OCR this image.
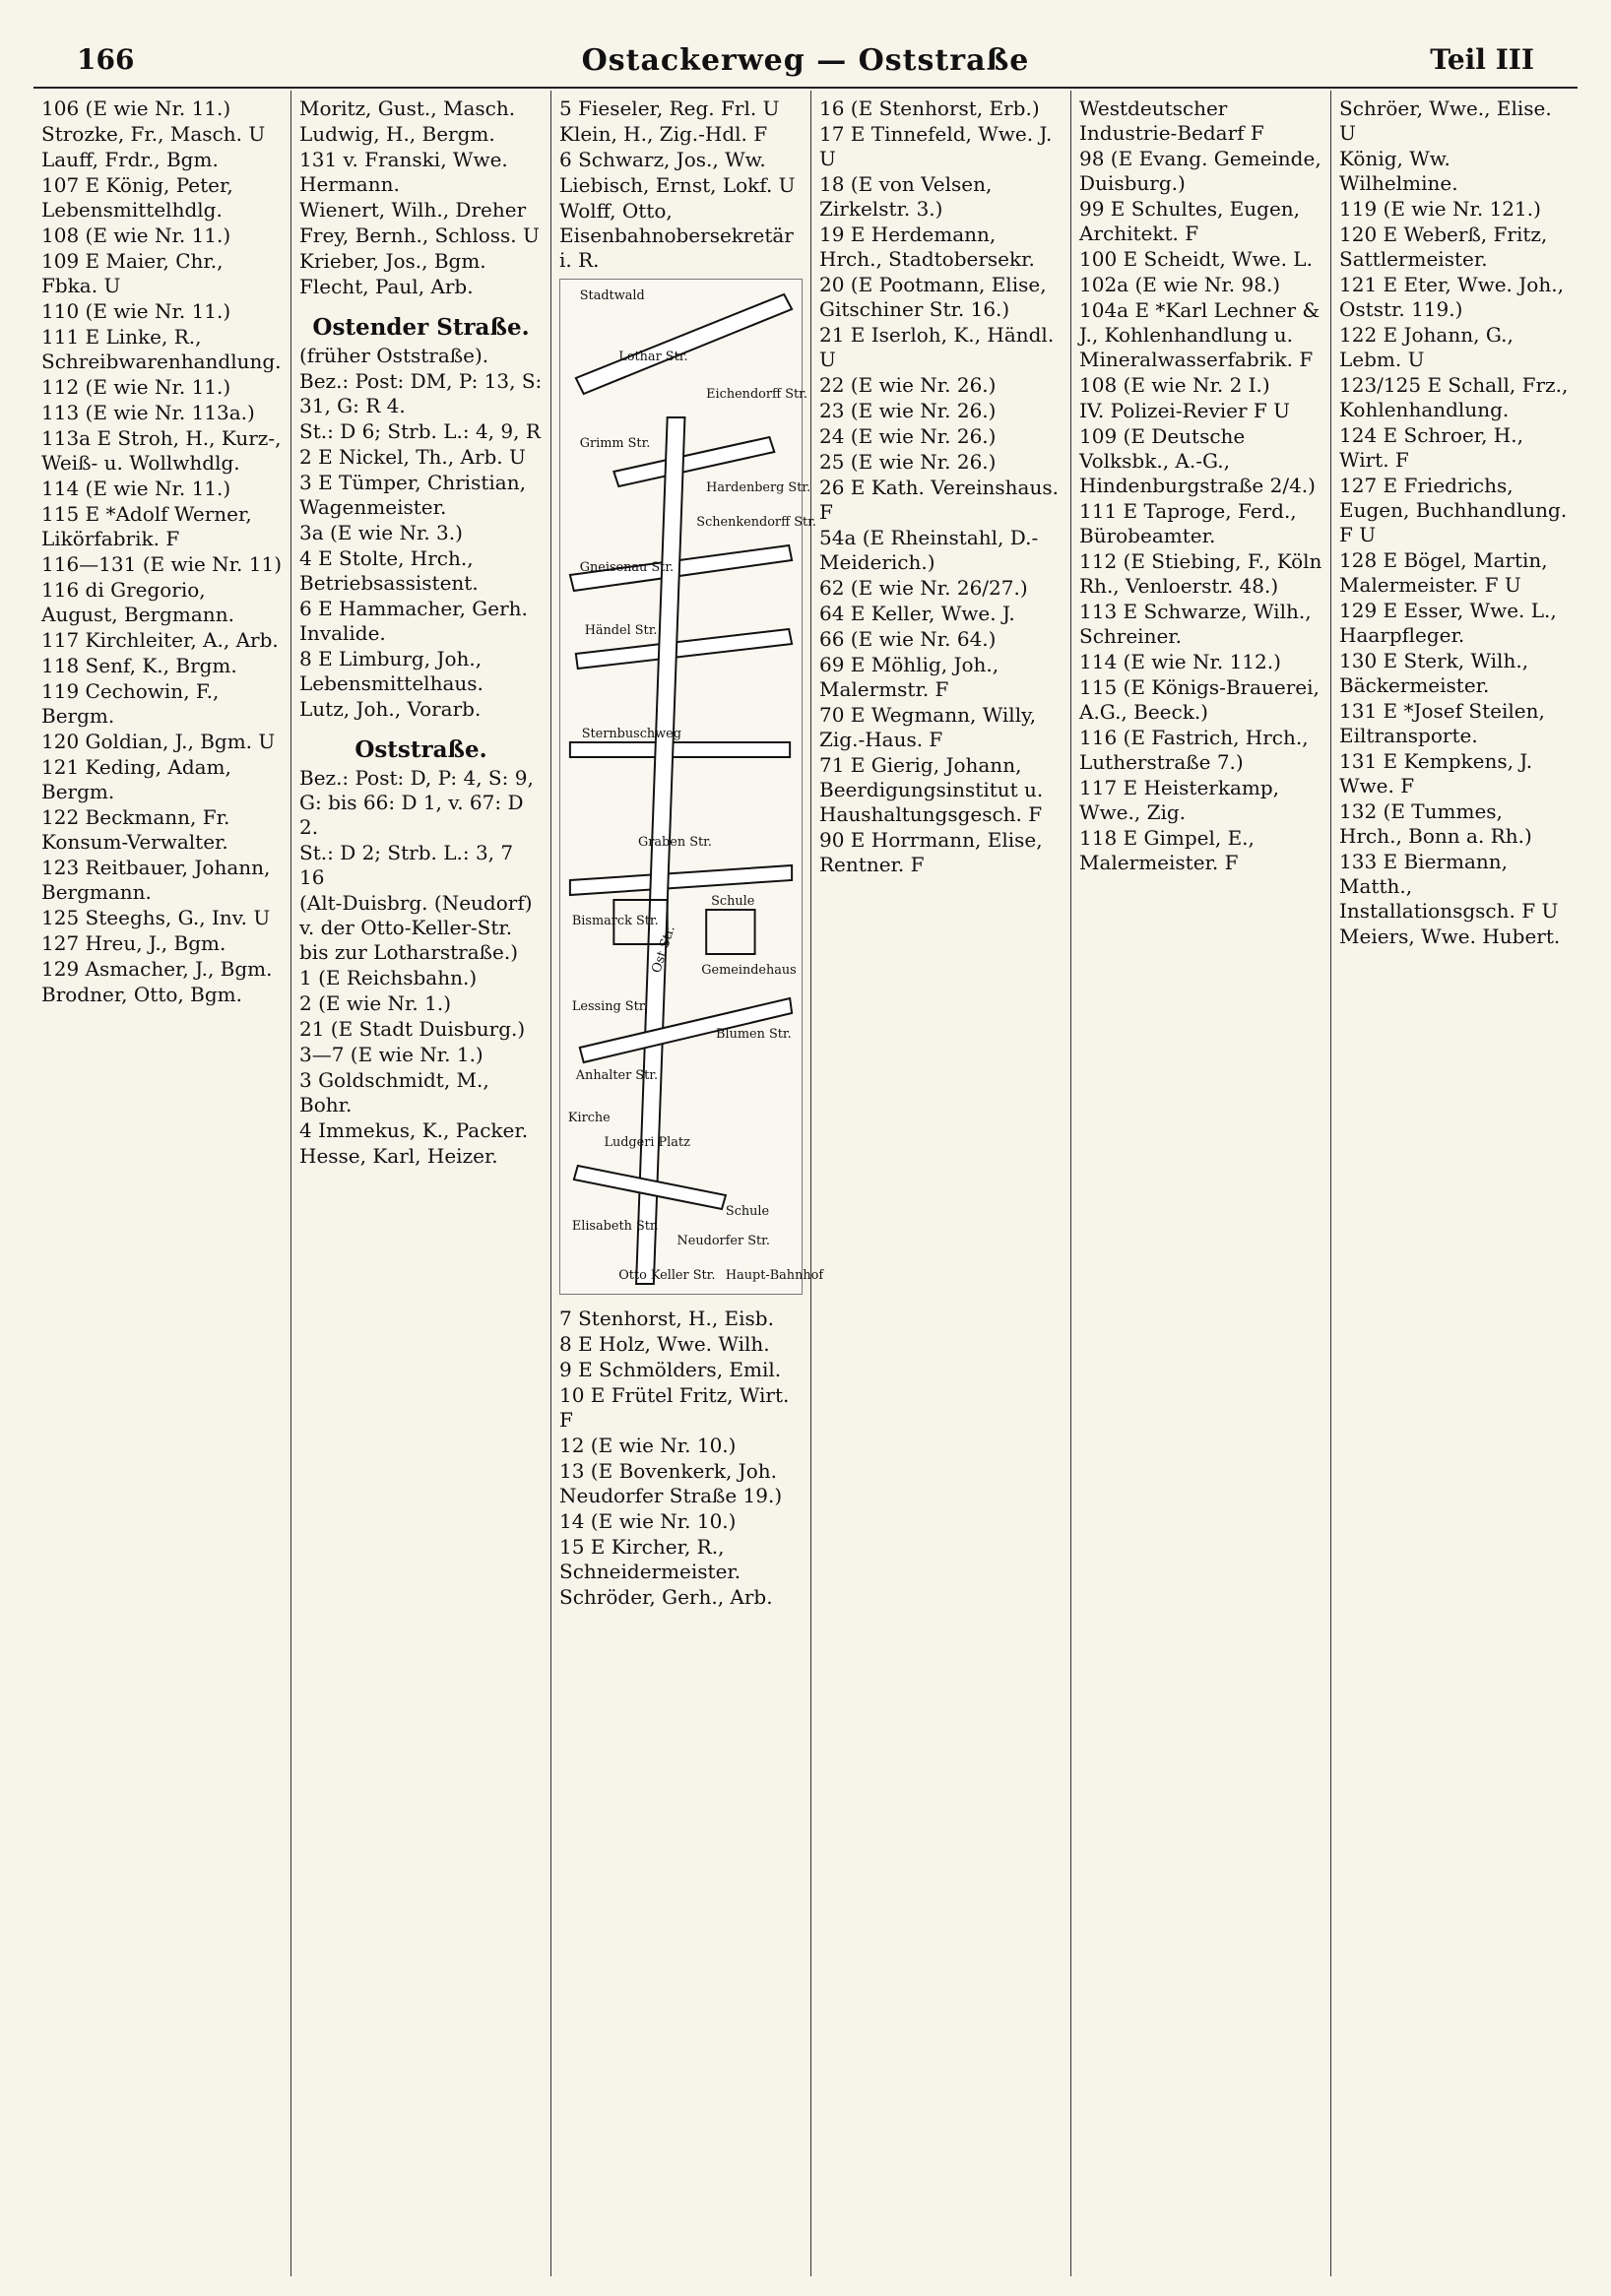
166	Ostackerweg — Oststraße	Teil III
106 (E wie Nr. 11.)
Strozke, Fr., Masch. U
Lauff, Frdr., Bgm.
107 E König, Peter, Lebensmittelhdlg.
108 (E wie Nr. 11.)
109 E Maier, Chr., Fbka. U
110 (E wie Nr. 11.)
111 E Linke, R., Schreibwarenhandlung.
112 (E wie Nr. 11.)
113 (E wie Nr. 113a.)
113a E Stroh, H., Kurz-, Weiß- u. Wollwhdlg.
114 (E wie Nr. 11.)
115 E *Adolf Werner, Likörfabrik. F
116—131 (E wie Nr. 11)
116 di Gregorio, August, Bergmann.
117 Kirchleiter, A., Arb.
118 Senf, K., Brgm.
119 Cechowin, F., Bergm.
120 Goldian, J., Bgm. U
121 Keding, Adam, Bergm.
122 Beckmann, Fr. Konsum-Verwalter.
123 Reitbauer, Johann, Bergmann.
125 Steeghs, G., Inv. U
127 Hreu, J., Bgm.
129 Asmacher, J., Bgm.
Brodner, Otto, Bgm.
Moritz, Gust., Masch.
Ludwig, H., Bergm.
131 v. Franski, Wwe. Hermann.
Wienert, Wilh., Dreher
Frey, Bernh., Schloss. U
Krieber, Jos., Bgm.
Flecht, Paul, Arb.
Ostender Straße.
(früher Oststraße).
Bez.: Post: DM, P: 13, S: 31, G: R 4.
St.: D 6; Strb. L.: 4, 9, R
2 E Nickel, Th., Arb. U
3 E Tümper, Christian, Wagenmeister.
3a (E wie Nr. 3.)
4 E Stolte, Hrch., Betriebsassistent.
6 E Hammacher, Gerh. Invalide.
8 E Limburg, Joh., Lebensmittelhaus.
Lutz, Joh., Vorarb.
Oststraße.
Bez.: Post: D, P: 4, S: 9, G: bis 66: D 1, v. 67: D 2.
St.: D 2; Strb. L.: 3, 7 16
(Alt-Duisbrg. (Neudorf) v. der Otto-Keller-Str. bis zur Lotharstraße.)
1 (E Reichsbahn.)
2 (E wie Nr. 1.)
21 (E Stadt Duisburg.)
3—7 (E wie Nr. 1.)
3 Goldschmidt, M., Bohr.
4 Immekus, K., Packer.
Hesse, Karl, Heizer.
5 Fieseler, Reg. Frl. U
Klein, H., Zig.-Hdl. F
6 Schwarz, Jos., Ww.
Liebisch, Ernst, Lokf. U
Wolff, Otto, Eisenbahnobersekretär i. R.
Stadtwald
Lothar Str.
Eichendorff Str.
Grimm Str.
Hardenberg Str.
Schenkendorff Str.
Gneisenau Str.
Händel Str.
Sternbuschweg
Graben Str.
Ost Str.
Bismarck Str.
Schule
Gemeindehaus
Lessing Str.
Anhalter Str.
Blumen Str.
Kirche
Ludgeri Platz
Elisabeth Str.
Neudorfer Str.
Schule
Otto Keller Str. Haupt-Bahnhof
7 Stenhorst, H., Eisb.
8 E Holz, Wwe. Wilh.
9 E Schmölders, Emil.
10 E Frütel Fritz, Wirt. F
12 (E wie Nr. 10.)
13 (E Bovenkerk, Joh. Neudorfer Straße 19.)
14 (E wie Nr. 10.)
15 E Kircher, R., Schneidermeister.
Schröder, Gerh., Arb.
16 (E Stenhorst, Erb.)
17 E Tinnefeld, Wwe. J. U
18 (E von Velsen, Zirkelstr. 3.)
19 E Herdemann, Hrch., Stadtobersekr.
20 (E Pootmann, Elise, Gitschiner Str. 16.)
21 E Iserloh, K., Händl. U
22 (E wie Nr. 26.)
23 (E wie Nr. 26.)
24 (E wie Nr. 26.)
25 (E wie Nr. 26.)
26 E Kath. Vereinshaus. F
54a (E Rheinstahl, D.-Meiderich.)
62 (E wie Nr. 26/27.)
64 E Keller, Wwe. J.
66 (E wie Nr. 64.)
69 E Möhlig, Joh., Malermstr. F
70 E Wegmann, Willy, Zig.-Haus. F
71 E Gierig, Johann, Beerdigungsinstitut u. Haushaltungsgesch. F
90 E Horrmann, Elise, Rentner. F
Westdeutscher Industrie-Bedarf F
98 (E Evang. Gemeinde, Duisburg.)
99 E Schultes, Eugen, Architekt. F
100 E Scheidt, Wwe. L.
102a (E wie Nr. 98.)
104a E *Karl Lechner & J., Kohlenhandlung u. Mineralwasserfabrik. F
108 (E wie Nr. 2 I.)
IV. Polizei-Revier F U
109 (E Deutsche Volksbk., A.-G., Hindenburgstraße 2/4.)
111 E Taproge, Ferd., Bürobeamter.
112 (E Stiebing, F., Köln Rh., Venloerstr. 48.)
113 E Schwarze, Wilh., Schreiner.
114 (E wie Nr. 112.)
115 (E Königs-Brauerei, A.G., Beeck.)
116 (E Fastrich, Hrch., Lutherstraße 7.)
117 E Heisterkamp, Wwe., Zig.
118 E Gimpel, E., Malermeister. F
Schröer, Wwe., Elise. U
König, Ww. Wilhelmine.
119 (E wie Nr. 121.)
120 E Weberß, Fritz, Sattlermeister.
121 E Eter, Wwe. Joh., Oststr. 119.)
122 E Johann, G., Lebm. U
123/125 E Schall, Frz., Kohlenhandlung.
124 E Schroer, H., Wirt. F
127 E Friedrichs, Eugen, Buchhandlung. F U
128 E Bögel, Martin, Malermeister. F U
129 E Esser, Wwe. L., Haarpfleger.
130 E Sterk, Wilh., Bäckermeister.
131 E *Josef Steilen, Eiltransporte.
131 E Kempkens, J. Wwe. F
132 (E Tummes, Hrch., Bonn a. Rh.)
133 E Biermann, Matth., Installationsgsch. F U
Meiers, Wwe. Hubert.
